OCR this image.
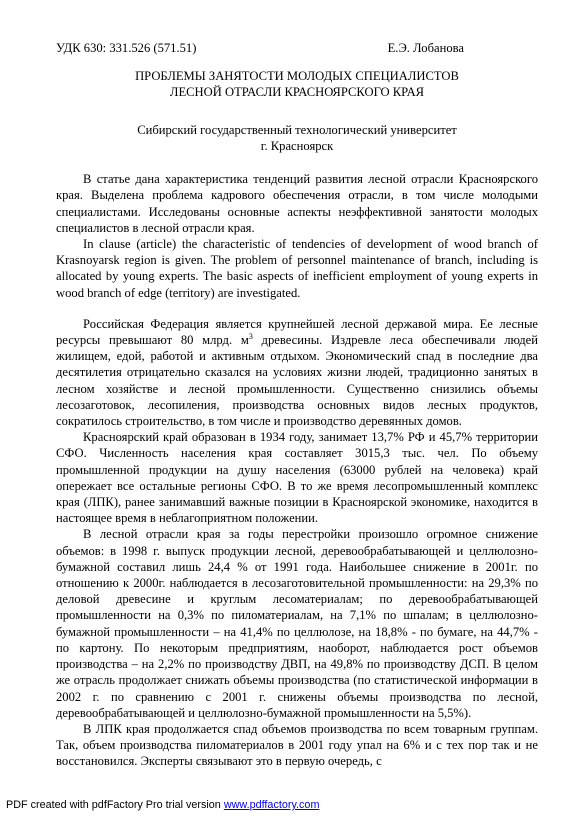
УДК 630: 331.526 (571.51)	Е.Э. Лобанова
ПРОБЛЕМЫ ЗАНЯТОСТИ МОЛОДЫХ СПЕЦИАЛИСТОВ
ЛЕСНОЙ ОТРАСЛИ КРАСНОЯРСКОГО КРАЯ
Сибирский государственный технологический университет
г. Красноярск

В статье дана характеристика тенденций развития лесной отрасли Красноярского края. Выделена проблема кадрового обеспечения отрасли, в том числе молодыми специалистами. Исследованы основные аспекты неэффективной занятости молодых специалистов в лесной отрасли края.

In clause (article) the characteristic of tendencies of development of wood branch of Krasnoyarsk region is given. The problem of personnel maintenance of branch, including is allocated by young experts. The basic aspects of inefficient employment of young experts in wood branch of edge (territory) are investigated.

Российская Федерация является крупнейшей лесной державой мира. Ее лесные ресурсы превышают 80 млрд. $м^3$ древесины. Издревле леса обеспечивали людей жилищем, едой, работой и активным отдыхом. Экономический спад в последние два десятилетия отрицательно сказался на условиях жизни людей, традиционно занятых в лесном хозяйстве и лесной промышленности. Существенно снизились объемы лесозаготовок, лесопиления, производства основных видов лесных продуктов, сократилось строительство, в том числе и производство деревянных домов.

Красноярский край образован в 1934 году, занимает 13,7% РФ и 45,7% территории СФО. Численность населения края составляет 3015,3 тыс. чел. По объему промышленной продукции на душу населения (63000 рублей на человека) край опережает все остальные регионы СФО. В то же время лесопромышленный комплекс края (ЛПК), ранее занимавший важные позиции в Красноярской экономике, находится в настоящее время в неблагоприятном положении.

В лесной отрасли края за годы перестройки произошло огромное снижение объемов: в 1998 г. выпуск продукции лесной, деревообрабатывающей и целлюлозно-бумажной составил лишь 24,4 % от 1991 года. Наибольшее снижение в 2001г. по отношению к 2000г. наблюдается в лесозаготовительной промышленности: на 29,3% по деловой древесине и круглым лесоматериалам; по деревообрабатывающей промышленности на 0,3% по пиломатериалам, на 7,1% по шпалам; в целлюлозно-бумажной промышленности – на 41,4% по целлюлозе, на 18,8% - по бумаге, на 44,7% - по картону. По некоторым предприятиям, наоборот, наблюдается рост объемов производства – на 2,2% по производству ДВП, на 49,8% по производству ДСП. В целом же отрасль продолжает снижать объемы производства (по статистической информации в 2002 г. по сравнению с 2001 г. снижены объемы производства по лесной, деревообрабатывающей и целлюлозно-бумажной промышленности на 5,5%).

В ЛПК края продолжается спад объемов производства по всем товарным группам. Так, объем производства пиломатериалов в 2001 году упал на 6% и с тех пор так и не восстановился. Эксперты связывают это в первую очередь, с

PDF created with pdfFactory Pro trial version www.pdffactory.com
